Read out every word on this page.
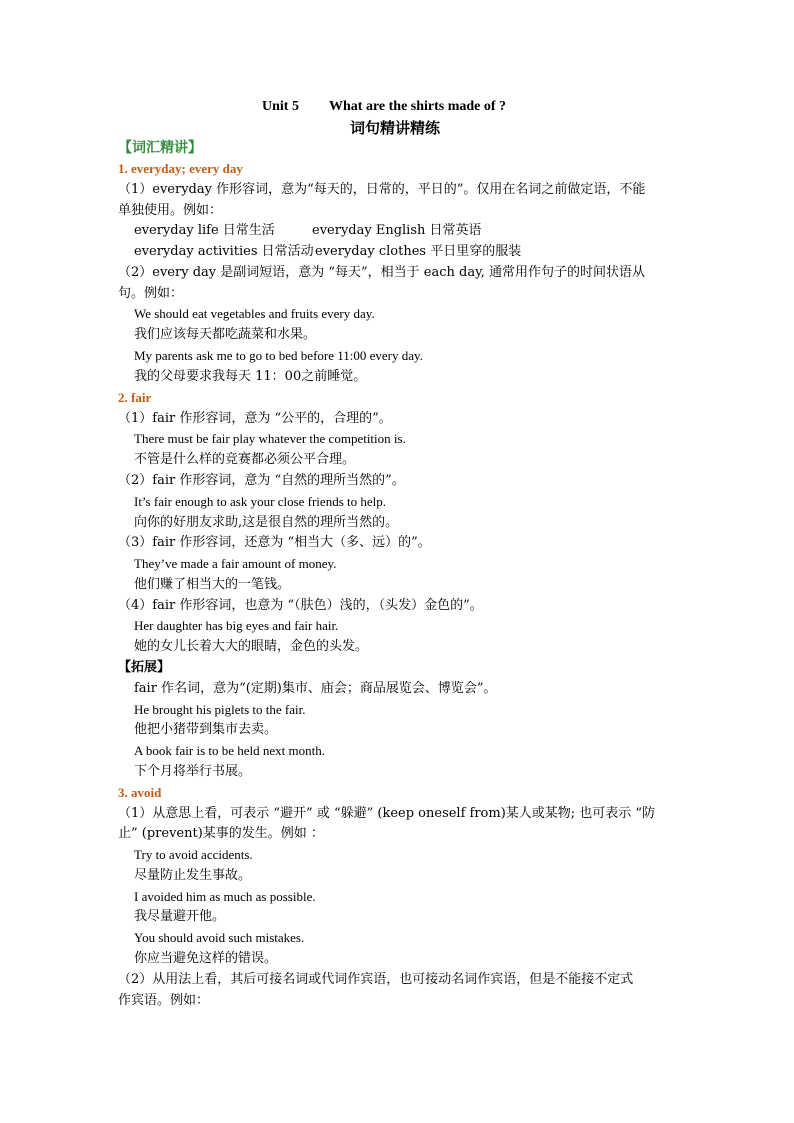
Unit 5 What are the shirts made of ?
词句精讲精练
【词汇精讲】
1. everyday; every day
（1）everyday 作形容词，意为“每天的，日常的，平日的”。仅用在名词之前做定语，不能
单独使用。例如：
everyday life 日常生活	everyday English 日常英语
everyday activities 日常活动 everyday clothes 平日里穿的服装
（2）every day 是副词短语，意为 “每天”，相当于 each day, 通常用作句子的时间状语从
句。例如：
We should eat vegetables and fruits every day.
我们应该每天都吃蔬菜和水果。
My parents ask me to go to bed before 11:00 every day.
我的父母要求我每天 11：00之前睡觉。
2. fair
（1）fair 作形容词，意为 “公平的，合理的”。
There must be fair play whatever the competition is.
不管是什么样的竞赛都必须公平合理。
（2）fair 作形容词，意为 “自然的理所当然的”。
It’s fair enough to ask your close friends to help.
向你的好朋友求助,这是很自然的理所当然的。
（3）fair 作形容词，还意为 “相当大（多、远）的”。
They’ve made a fair amount of money.
他们赚了相当大的一笔钱。
（4）fair 作形容词，也意为 “（肤色）浅的，（头发）金色的”。
Her daughter has big eyes and fair hair.
她的女儿长着大大的眼睛，金色的头发。
【拓展】
fair 作名词，意为“(定期)集市、庙会；商品展览会、博览会”。
He brought his piglets to the fair.
他把小猪带到集市去卖。
A book fair is to be held next month.
下个月将举行书展。
3. avoid
（1）从意思上看，可表示 “避开” 或 “躲避” (keep oneself from)某人或某物; 也可表示 “防
止” (prevent)某事的发生。例如 ：
Try to avoid accidents.
尽量防止发生事故。
I avoided him as much as possible.
我尽量避开他。
You should avoid such mistakes.
你应当避免这样的错误。
（2）从用法上看，其后可接名词或代词作宾语，也可接动名词作宾语，但是不能接不定式
作宾语。例如：
